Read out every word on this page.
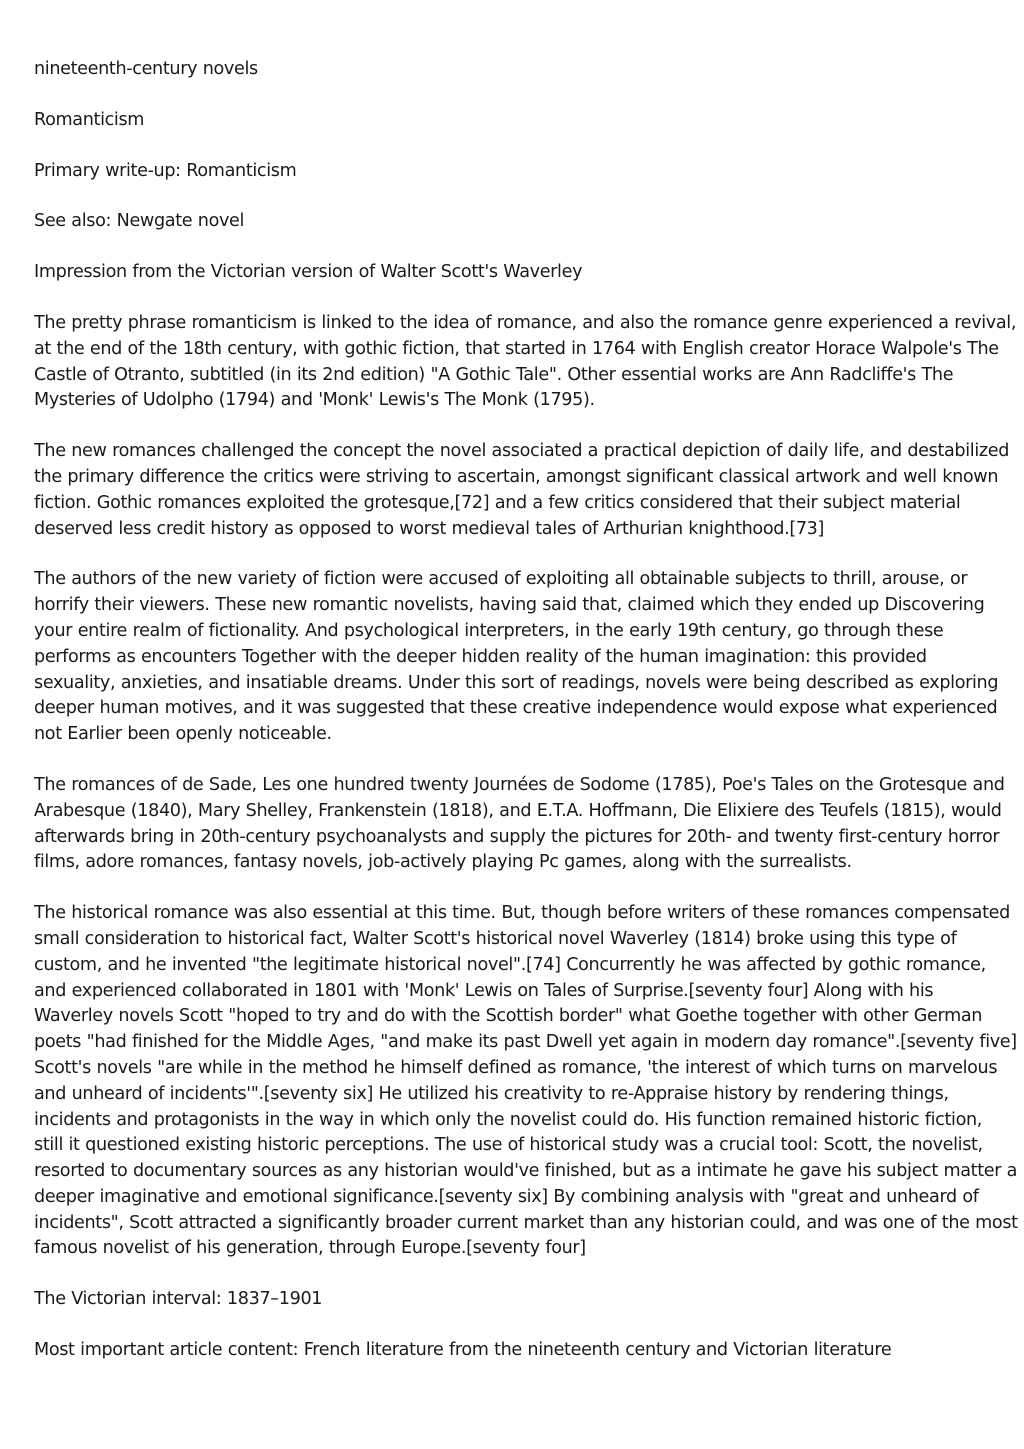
nineteenth-century novels

Romanticism

Primary write-up: Romanticism

See also: Newgate novel

Impression from the Victorian version of Walter Scott's Waverley

The pretty phrase romanticism is linked to the idea of romance, and also the romance genre experienced a revival,
at the end of the 18th century, with gothic fiction, that started in 1764 with English creator Horace Walpole's The
Castle of Otranto, subtitled (in its 2nd edition) "A Gothic Tale". Other essential works are Ann Radcliffe's The
Mysteries of Udolpho (1794) and 'Monk' Lewis's The Monk (1795).

The new romances challenged the concept the novel associated a practical depiction of daily life, and destabilized
the primary difference the critics were striving to ascertain, amongst significant classical artwork and well known
fiction. Gothic romances exploited the grotesque,[72] and a few critics considered that their subject material
deserved less credit history as opposed to worst medieval tales of Arthurian knighthood.[73]

The authors of the new variety of fiction were accused of exploiting all obtainable subjects to thrill, arouse, or
horrify their viewers. These new romantic novelists, having said that, claimed which they ended up Discovering
your entire realm of fictionality. And psychological interpreters, in the early 19th century, go through these
performs as encounters Together with the deeper hidden reality of the human imagination: this provided
sexuality, anxieties, and insatiable dreams. Under this sort of readings, novels were being described as exploring
deeper human motives, and it was suggested that these creative independence would expose what experienced
not Earlier been openly noticeable.

The romances of de Sade, Les one hundred twenty Journées de Sodome (1785), Poe's Tales on the Grotesque and
Arabesque (1840), Mary Shelley, Frankenstein (1818), and E.T.A. Hoffmann, Die Elixiere des Teufels (1815), would
afterwards bring in 20th-century psychoanalysts and supply the pictures for 20th- and twenty first-century horror
films, adore romances, fantasy novels, job-actively playing Pc games, along with the surrealists.

The historical romance was also essential at this time. But, though before writers of these romances compensated
small consideration to historical fact, Walter Scott's historical novel Waverley (1814) broke using this type of
custom, and he invented "the legitimate historical novel".[74] Concurrently he was affected by gothic romance,
and experienced collaborated in 1801 with 'Monk' Lewis on Tales of Surprise.[seventy four] Along with his
Waverley novels Scott "hoped to try and do with the Scottish border" what Goethe together with other German
poets "had finished for the Middle Ages, "and make its past Dwell yet again in modern day romance".[seventy five]
Scott's novels "are while in the method he himself defined as romance, 'the interest of which turns on marvelous
and unheard of incidents'".[seventy six] He utilized his creativity to re-Appraise history by rendering things,
incidents and protagonists in the way in which only the novelist could do. His function remained historic fiction,
still it questioned existing historic perceptions. The use of historical study was a crucial tool: Scott, the novelist,
resorted to documentary sources as any historian would've finished, but as a intimate he gave his subject matter a
deeper imaginative and emotional significance.[seventy six] By combining analysis with "great and unheard of
incidents", Scott attracted a significantly broader current market than any historian could, and was one of the most
famous novelist of his generation, through Europe.[seventy four]

The Victorian interval: 1837–1901

Most important article content: French literature from the nineteenth century and Victorian literature
